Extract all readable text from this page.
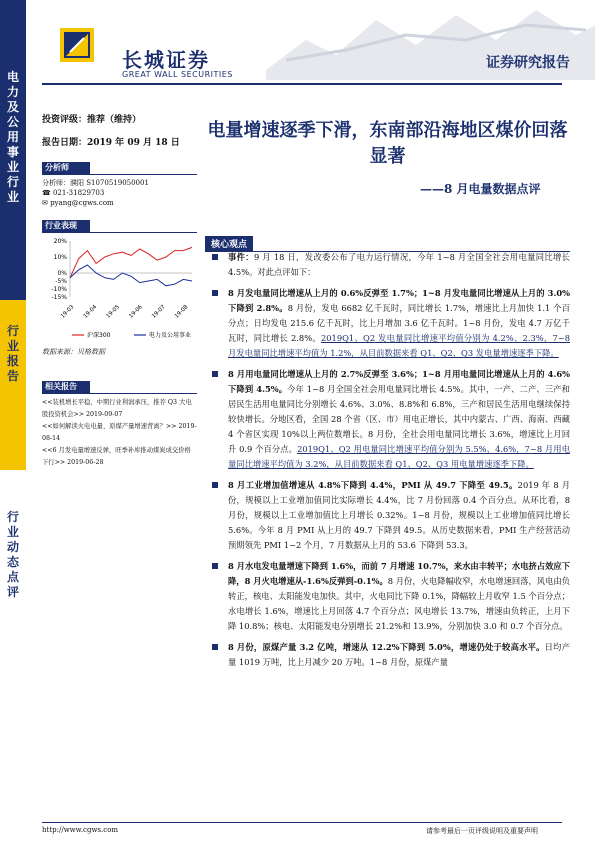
电力及公用事业行业
行业报告
行业动态点评
长城证券
GREAT WALL SECURITIES
证券研究报告
投资评级：推荐（维持）
报告日期：2019 年 09 月 18 日
分析师
分析师：濮阳 S1070519050001
☎ 021-31829703
✉ pyang@cgws.com
行业表现
20%
10%
0%
-5%
-10%
-15%
19-03 19-04 19-05 19-06 19-07 19-08
沪深300	电力及公用事业
数据来源：贝格数据
相关报告
<<装机增长平稳，中期行业利润承压，推荐 Q3 大电股投资机会>> 2019-09-07
<<如何解读火电电量、原煤产量增速背离？>> 2019-08-14
<<6 月发电量增速反弹，旺季补库推动煤炭成交价格下行>> 2019-06-28
电量增速逐季下滑，东南部沿海地区煤价回落显著
——8 月电量数据点评
核心观点
事件：9 月 18 日，发改委公布了电力运行情况，今年 1~8 月全国全社会用电量同比增长 4.5%。对此点评如下：
8 月发电量同比增速从上月的 0.6%反弹至 1.7%；1~8 月发电量同比增速从上月的 3.0%下降到 2.8%。8 月份，发电 6682 亿千瓦时，同比增长 1.7%，增速比上月加快 1.1 个百分点；日均发电 215.6 亿千瓦时，比上月增加 3.6 亿千瓦时。1~8 月份，发电 4.7 万亿千瓦时，同比增长 2.8%。2019Q1、Q2 发电量同比增速平均值分别为 4.2%、2.3%，7~8 月发电量同比增速平均值为 1.2%，从目前数据来看 Q1、Q2、Q3 发电量增速逐季下降。
8 月用电量同比增速从上月的 2.7%反弹至 3.6%；1~8 月用电量同比增速从上月的 4.6%下降到 4.5%。今年 1~8 月全国全社会用电量同比增长 4.5%。其中，一产、二产、三产和居民生活用电量同比分别增长 4.6%、3.0%、8.8%和 6.8%，三产和居民生活用电继续保持较快增长。分地区看，全国 28 个省（区、市）用电正增长，其中内蒙古、广西、海南、西藏 4 个省区实现 10%以上两位数增长。8 月份，全社会用电量同比增长 3.6%，增速比上月回升 0.9 个百分点。2019Q1、Q2 用电量同比增速平均值分别为 5.5%、4.6%，7~8 月用电量同比增速平均值为 3.2%，从目前数据来看 Q1、Q2、Q3 用电量增速逐季下降。
8 月工业增加值增速从 4.8%下降到 4.4%，PMI 从 49.7 下降至 49.5。2019 年 8 月份，规模以上工业增加值同比实际增长 4.4%，比 7 月份回落 0.4 个百分点。从环比看，8 月份，规模以上工业增加值比上月增长 0.32%。1~8 月份，规模以上工业增加值同比增长 5.6%。今年 8 月 PMI 从上月的 49.7 下降到 49.5。从历史数据来看，PMI 生产经营活动预期领先 PMI 1~2 个月，7 月数据从上月的 53.6 下降到 53.3。
8 月水电发电量增速下降到 1.6%，而前 7 月增速 10.7%，来水由丰转平；水电挤占效应下降，8 月火电增速从-1.6%反弹到-0.1%。8 月份，火电降幅收窄，水电增速回落，风电由负转正，核电、太阳能发电加快。其中，火电同比下降 0.1%，降幅较上月收窄 1.5 个百分点；水电增长 1.6%，增速比上月回落 4.7 个百分点；风电增长 13.7%，增速由负转正，上月下降 10.8%；核电、太阳能发电分别增长 21.2%和 13.9%，分别加快 3.0 和 0.7 个百分点。
8 月份，原煤产量 3.2 亿吨，增速从 12.2%下降到 5.0%，增速仍处于较高水平。日均产量 1019 万吨，比上月减少 20 万吨。1~8 月份，原煤产量
http://www.cgws.com	请参考最后一页评级说明及重要声明
